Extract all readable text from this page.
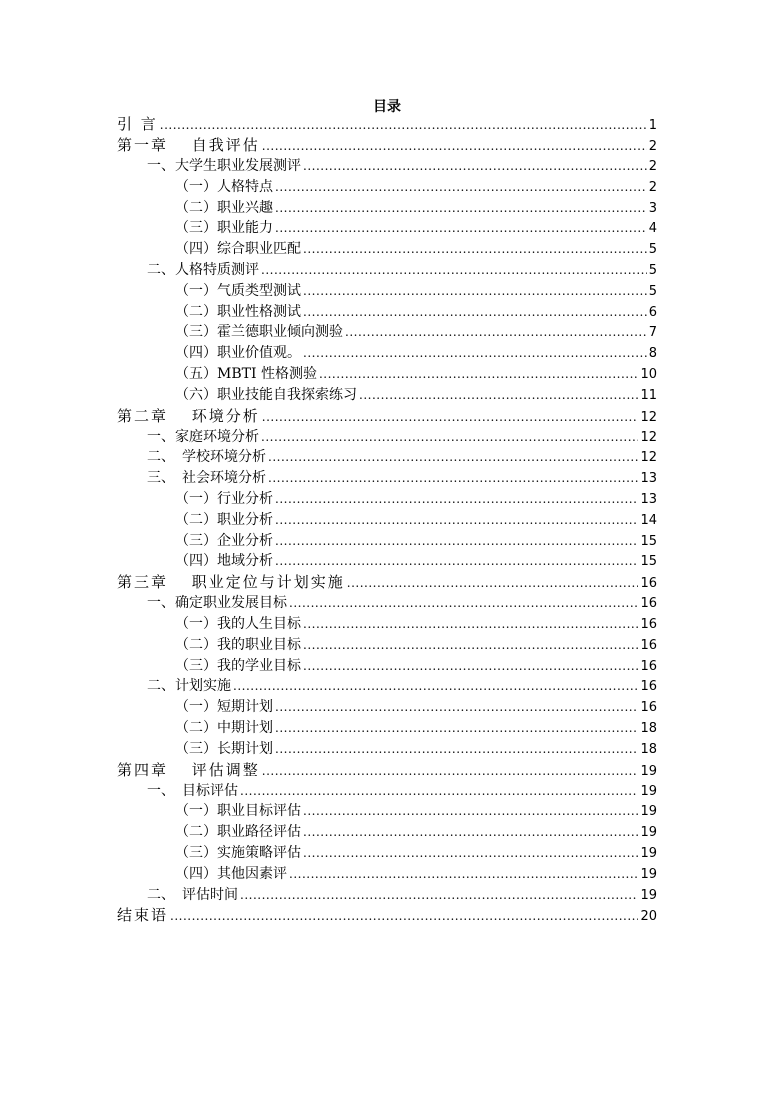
目录
引 言 .....	1
第一章　 自我评估 .....	2
一、大学生职业发展测评 .....	2
（一）人格特点 .....	2
（二）职业兴趣 .....	3
（三）职业能力 .....	4
（四）综合职业匹配 .....	5
二、人格特质测评 .....	5
（一）气质类型测试 .....	5
（二）职业性格测试 .....	6
（三）霍兰德职业倾向测验 .....	7
（四）职业价值观。 .....	8
（五）MBTI 性格测验 .....	10
（六）职业技能自我探索练习 .....	11
第二章　 环境分析 .....	12
一、家庭环境分析 .....	12
二、　学校环境分析 .....	12
三、　社会环境分析 .....	13
（一）行业分析 .....	13
（二）职业分析 .....	14
（三）企业分析 .....	15
（四）地域分析 .....	15
第三章　 职业定位与计划实施 .....	16
一、确定职业发展目标 .....	16
（一）我的人生目标 .....	16
（二）我的职业目标 .....	16
（三）我的学业目标 .....	16
二、计划实施 .....	16
（一）短期计划 .....	16
（二）中期计划 .....	18
（三）长期计划 .....	18
第四章　 评估调整 .....	19
一、　目标评估 .....	19
（一）职业目标评估 .....	19
（二）职业路径评估 .....	19
（三）实施策略评估 .....	19
（四）其他因素评 .....	19
二、　评估时间 .....	19
结束语 .....	20
